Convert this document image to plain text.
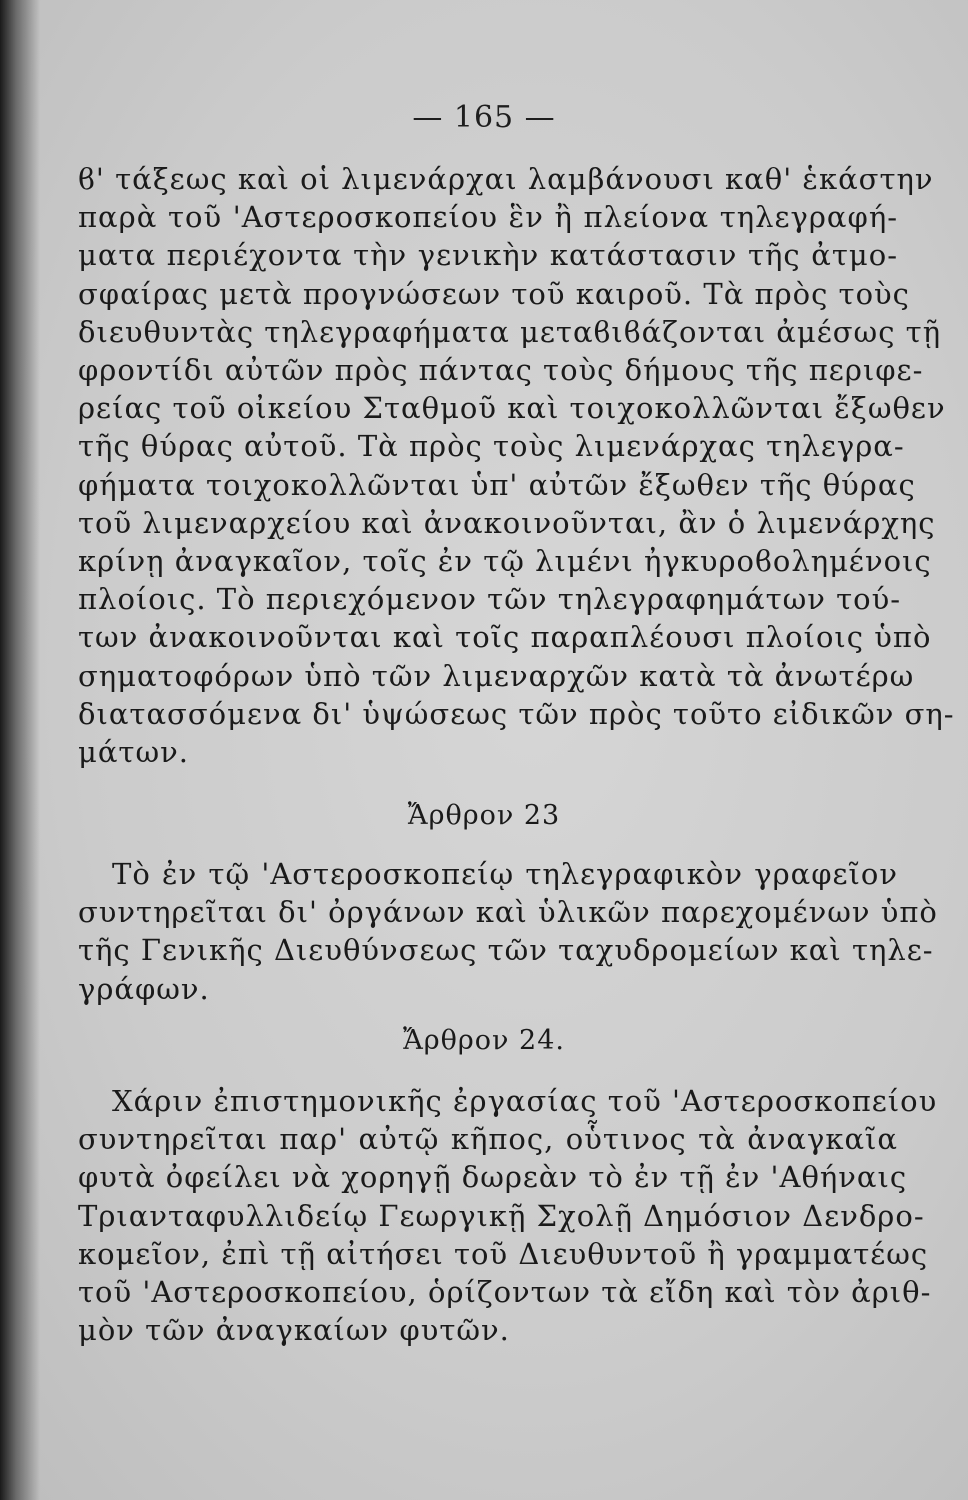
— 165 —
ϐ' τάξεως καὶ οἱ λιμενάρχαι λαμβάνουσι καθ' ἑκάστην
παρὰ τοῦ 'Αστεροσκοπείου ἓν ἢ πλείονα τηλεγραφή-
ματα περιέχοντα τὴν γενικὴν κατάστασιν τῆς ἀτμο-
σφαίρας μετὰ προγνώσεων τοῦ καιροῦ. Τὰ πρὸς τοὺς
διευθυντὰς τηλεγραφήματα μεταϐιϐάζονται ἀμέσως τῇ
φροντίδι αὐτῶν πρὸς πάντας τοὺς δήμους τῆς περιφε-
ρείας τοῦ οἰκείου Σταθμοῦ καὶ τοιχοκολλῶνται ἔξωθεν
τῆς θύρας αὐτοῦ. Τὰ πρὸς τοὺς λιμενάρχας τηλεγρα-
φήματα τοιχοκολλῶνται ὑπ' αὐτῶν ἔξωθεν τῆς θύρας
τοῦ λιμεναρχείου καὶ ἀνακοινοῦνται, ἂν ὁ λιμενάρχης
κρίνῃ ἀναγκαῖον, τοῖς ἐν τῷ λιμένι ἠγκυροϐολημένοις
πλοίοις. Τὸ περιεχόμενον τῶν τηλεγραφημάτων τού-
των ἀνακοινοῦνται καὶ τοῖς παραπλέουσι πλοίοις ὑπὸ
σηματοφόρων ὑπὸ τῶν λιμεναρχῶν κατὰ τὰ ἀνωτέρω
διατασσόμενα δι' ὑψώσεως τῶν πρὸς τοῦτο εἰδικῶν ση-
μάτων.
Ἄρθρον 23
Τὸ ἐν τῷ 'Αστεροσκοπείῳ τηλεγραφικὸν γραφεῖον
συντηρεῖται δι' ὀργάνων καὶ ὑλικῶν παρεχομένων ὑπὸ
τῆς Γενικῆς Διευθύνσεως τῶν ταχυδρομείων καὶ τηλε-
γράφων.
Ἄρθρον 24.
Χάριν ἐπιστημονικῆς ἐργασίας τοῦ 'Αστεροσκοπείου
συντηρεῖται παρ' αὐτῷ κῆπος, οὗτινος τὰ ἀναγκαῖα
φυτὰ ὀφείλει νὰ χορηγῇ δωρεὰν τὸ ἐν τῇ ἐν 'Αθήναις
Τριανταφυλλιδείῳ Γεωργικῇ Σχολῇ Δημόσιον Δενδρο-
κομεῖον, ἐπὶ τῇ αἰτήσει τοῦ Διευθυντοῦ ἢ γραμματέως
τοῦ 'Αστεροσκοπείου, ὁρίζοντων τὰ εἴδη καὶ τὸν ἀριθ-
μὸν τῶν ἀναγκαίων φυτῶν.
